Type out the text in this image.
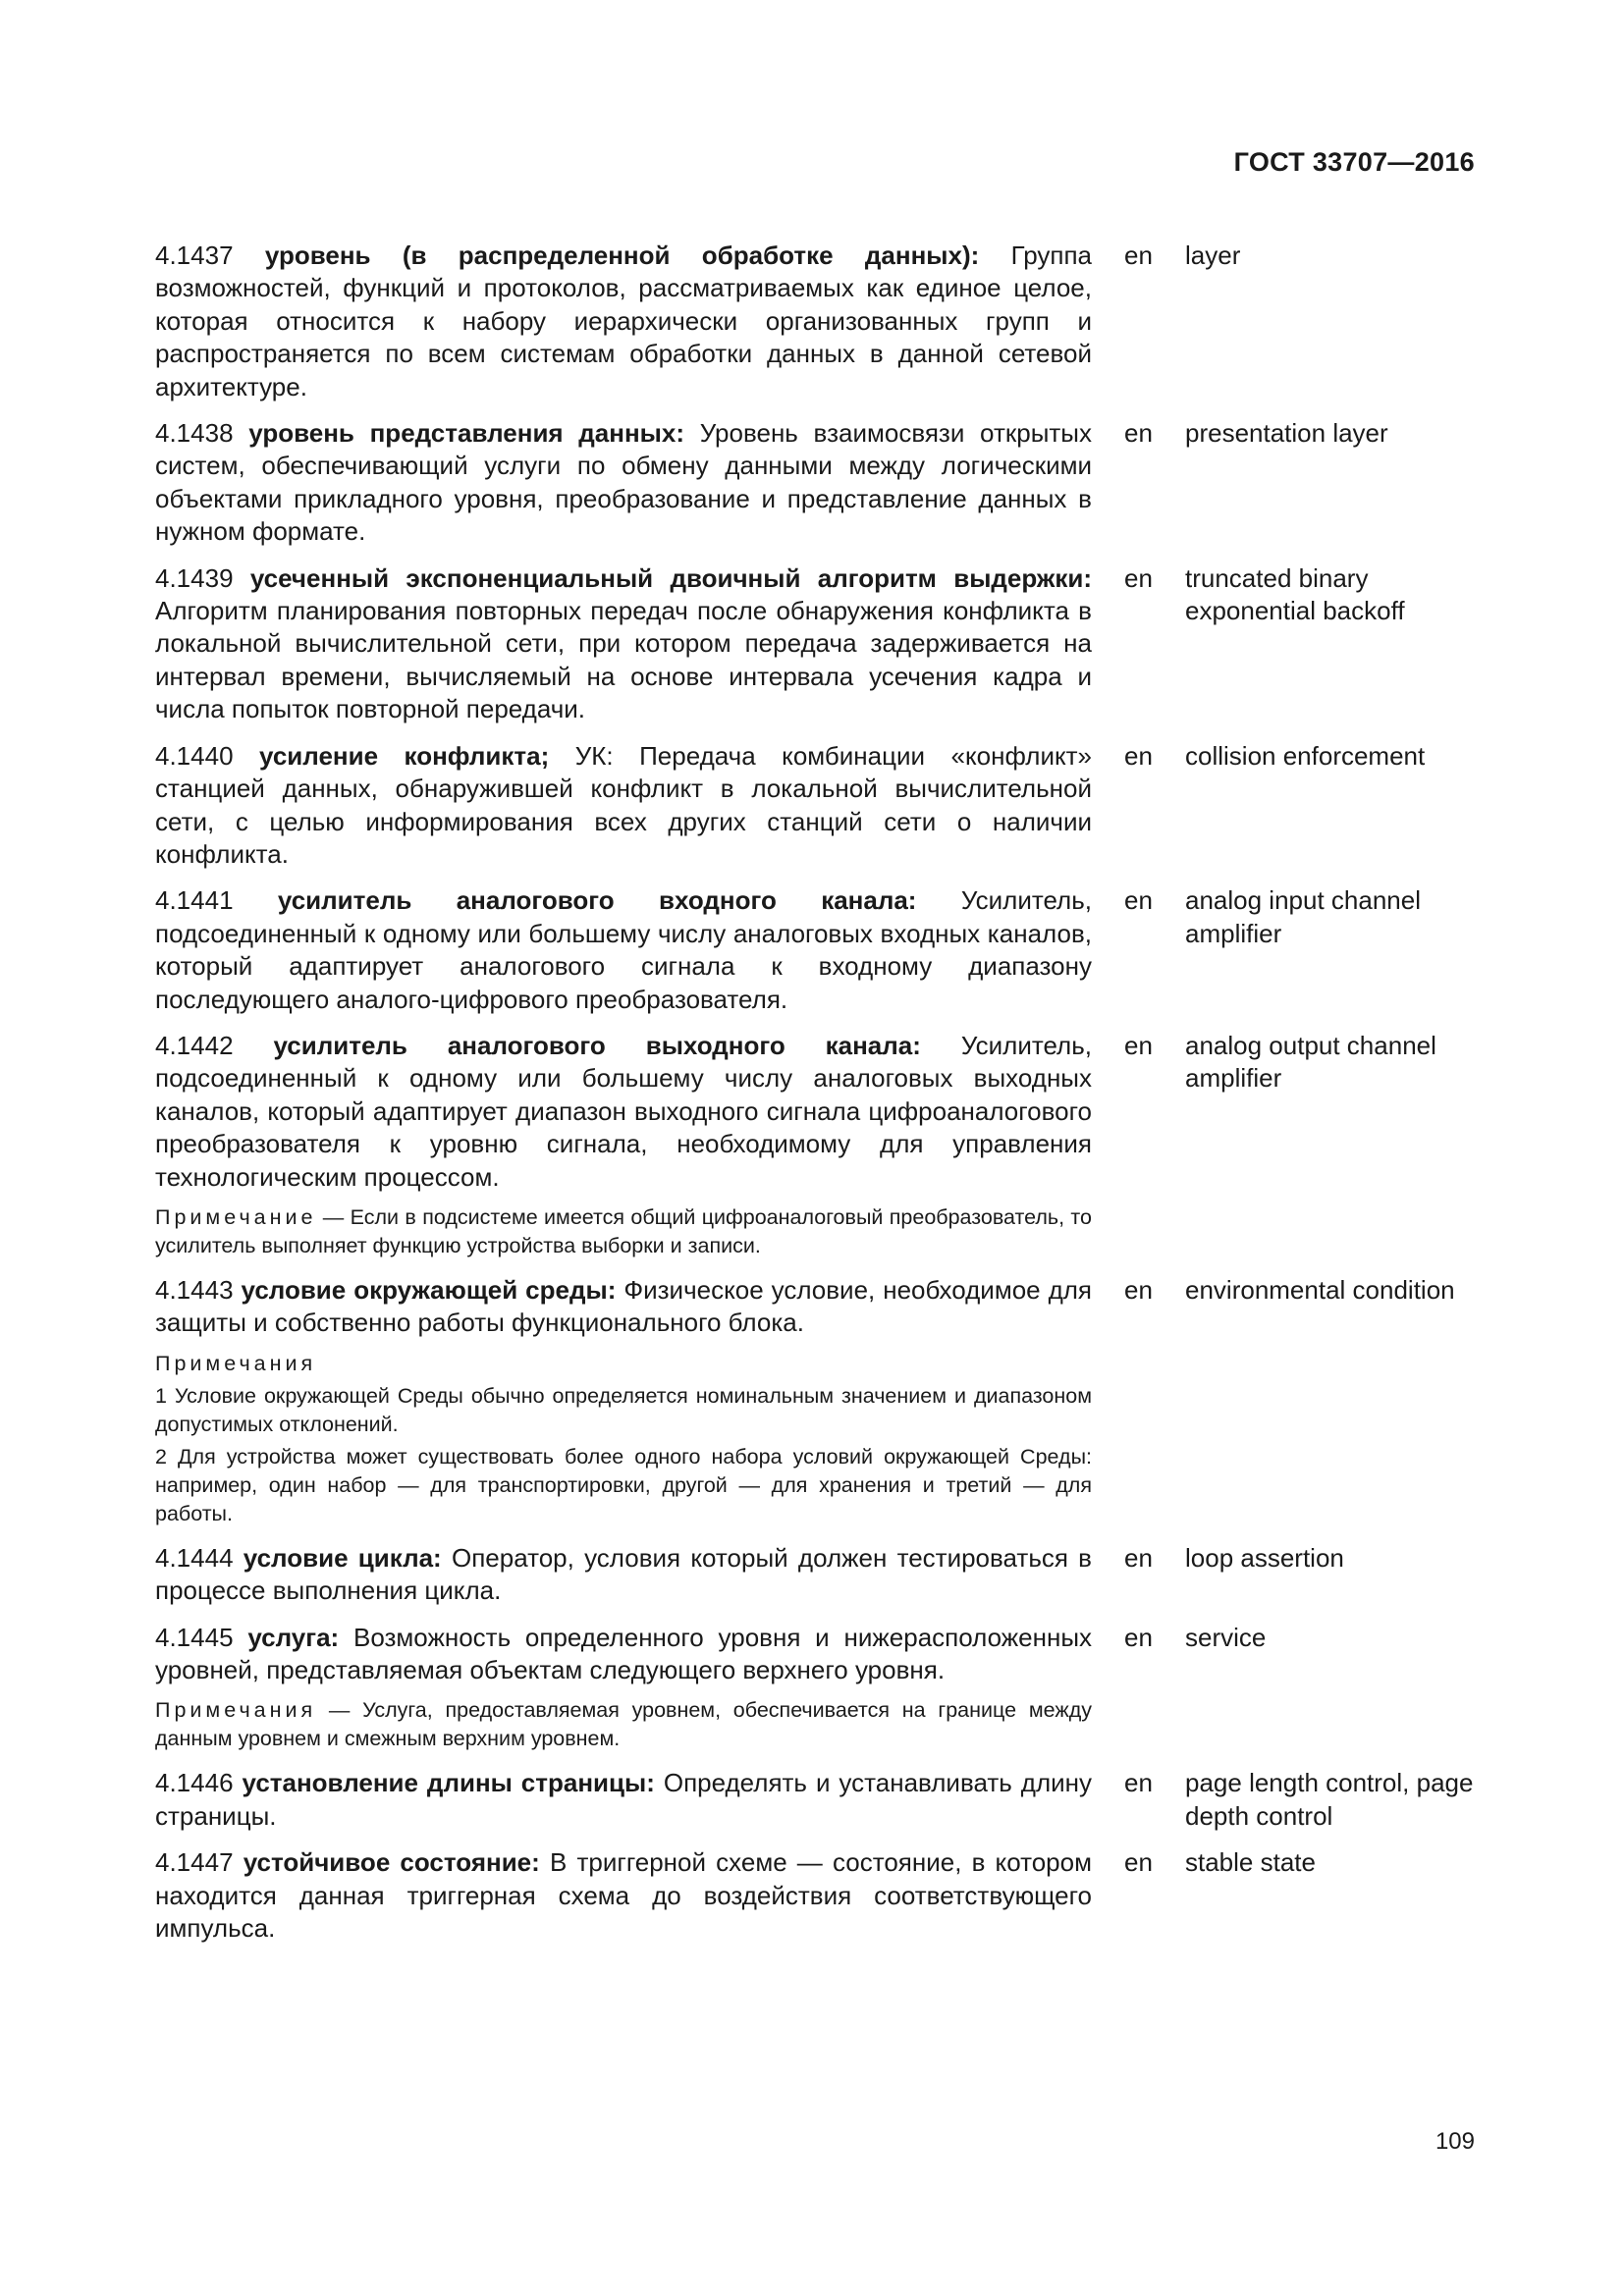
ГОСТ 33707—2016
4.1437 уровень (в распределенной обработке данных): Группа возможностей, функций и протоколов, рассматриваемых как единое целое, которая относится к набору иерархически организованных групп и распространяется по всем системам обработки данных в данной сетевой архитектуре.
en	layer
4.1438 уровень представления данных: Уровень взаимосвязи открытых систем, обеспечивающий услуги по обмену данными между логическими объектами прикладного уровня, преобразование и представление данных в нужном формате.
en	presentation layer
4.1439 усеченный экспоненциальный двоичный алгоритм выдержки: Алгоритм планирования повторных передач после обнаружения конфликта в локальной вычислительной сети, при котором передача задерживается на интервал времени, вычисляемый на основе интервала усечения кадра и числа попыток повторной передачи.
en	truncated binary exponential backoff
4.1440 усиление конфликта; УК: Передача комбинации «конфликт» станцией данных, обнаружившей конфликт в локальной вычислительной сети, с целью информирования всех других станций сети о наличии конфликта.
en	collision enforcement
4.1441 усилитель аналогового входного канала: Усилитель, подсоединенный к одному или большему числу аналоговых входных каналов, который адаптирует аналогового сигнала к входному диапазону последующего аналого-цифрового преобразователя.
en	analog input channel amplifier
4.1442 усилитель аналогового выходного канала: Усилитель, подсоединенный к одному или большему числу аналоговых выходных каналов, который адаптирует диапазон выходного сигнала цифроаналогового преобразователя к уровню сигнала, необходимому для управления технологическим процессом.
en	analog output channel amplifier

Примечание — Если в подсистеме имеется общий цифроаналоговый преобразователь, то усилитель выполняет функцию устройства выборки и записи.

4.1443 условие окружающей среды: Физическое условие, необходимое для защиты и собственно работы функционального блока.
en	environmental condition

Примечания

1 Условие окружающей Среды обычно определяется номинальным значением и диапазоном допустимых отклонений.

2 Для устройства может существовать более одного набора условий окружающей Среды: например, один набор — для транспортировки, другой — для хранения и третий — для работы.

4.1444 условие цикла: Оператор, условия который должен тестироваться в процессе выполнения цикла.
en	loop assertion
4.1445 услуга: Возможность определенного уровня и нижерасположенных уровней, представляемая объектам следующего верхнего уровня.
en	service

Примечания — Услуга, предоставляемая уровнем, обеспечивается на границе между данным уровнем и смежным верхним уровнем.

4.1446 установление длины страницы: Определять и устанавливать длину страницы.
en	page length control, page depth control
4.1447 устойчивое состояние: В триггерной схеме — состояние, в котором находится данная триггерная схема до воздействия соответствующего импульса.
en	stable state
109
